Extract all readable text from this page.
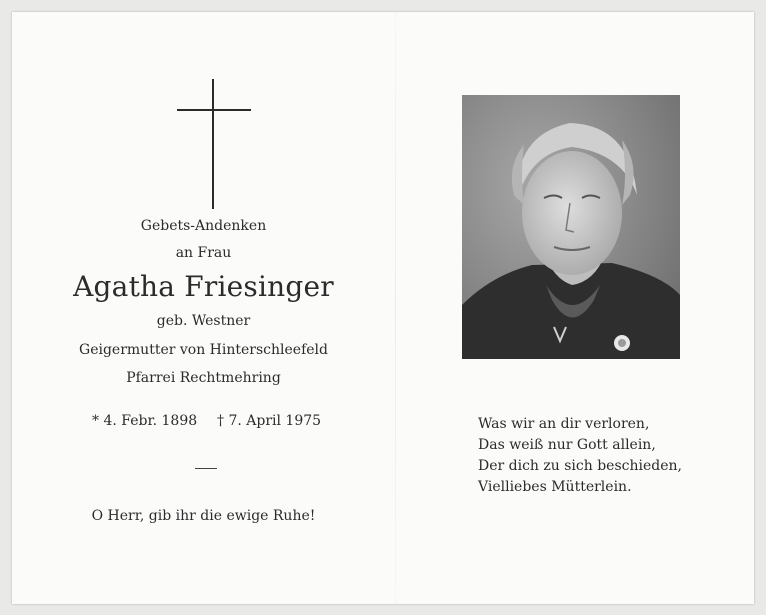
Gebets-Andenken
an Frau
Agatha Friesinger
geb. Westner
Geigermutter von Hinterschleefeld
Pfarrei Rechtmehring
* 4. Febr. 1898 † 7. April 1975
O Herr, gib ihr die ewige Ruhe!
Was wir an dir verloren,
Das weiß nur Gott allein,
Der dich zu sich beschieden,
Vielliebes Mütterlein.
